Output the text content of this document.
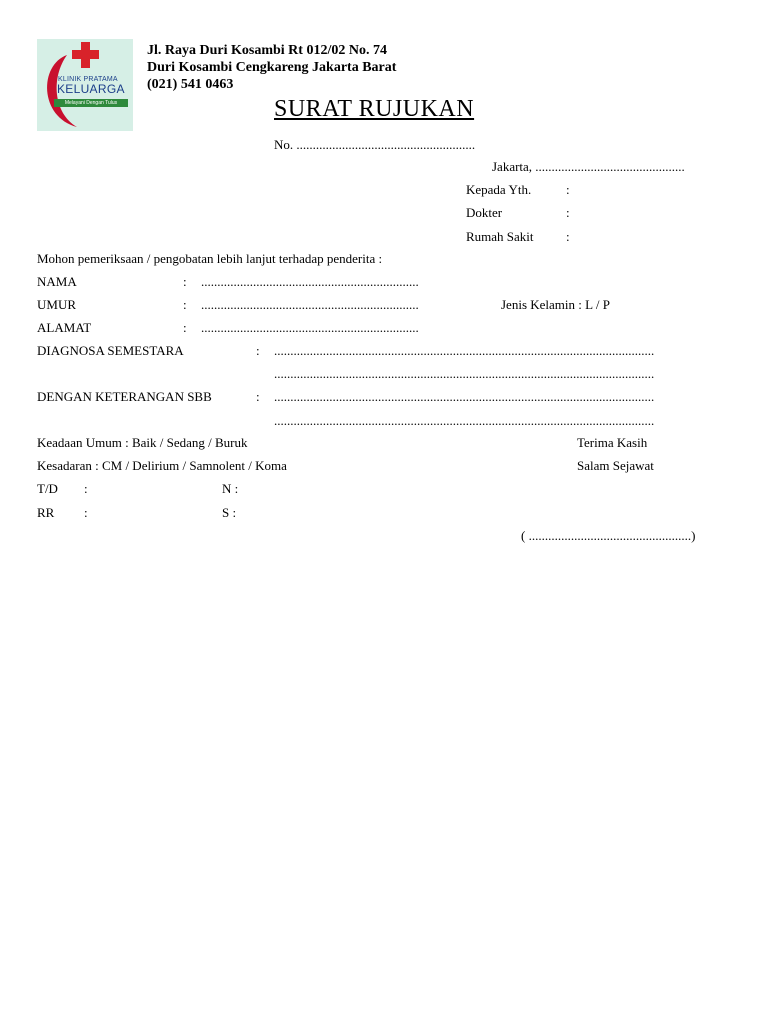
KLINIK PRATAMA
KELUARGA
Melayani Dengan Tulus
Jl. Raya Duri Kosambi Rt 012/02 No. 74
Duri Kosambi Cengkareng Jakarta Barat
(021) 541 0463
SURAT RUJUKAN
No. .......................................................
Jakarta, ..............................................
Kepada Yth.	:
Dokter	:
Rumah Sakit :
Mohon pemeriksaan / pengobatan lebih lanjut terhadap penderita :
NAMA	: ...................................................................
UMUR	: ...................................................................	Jenis Kelamin : L / P
ALAMAT	: ...................................................................
DIAGNOSA SEMESTARA	: .....................................................................................................................
.....................................................................................................................
DENGAN KETERANGAN SBB	: .....................................................................................................................
.....................................................................................................................
Keadaan Umum : Baik / Sedang / Buruk	Terima Kasih
Kesadaran : CM / Delirium / Samnolent / Koma	Salam Sejawat
T/D :	N :
RR :	S :
( ..................................................)
